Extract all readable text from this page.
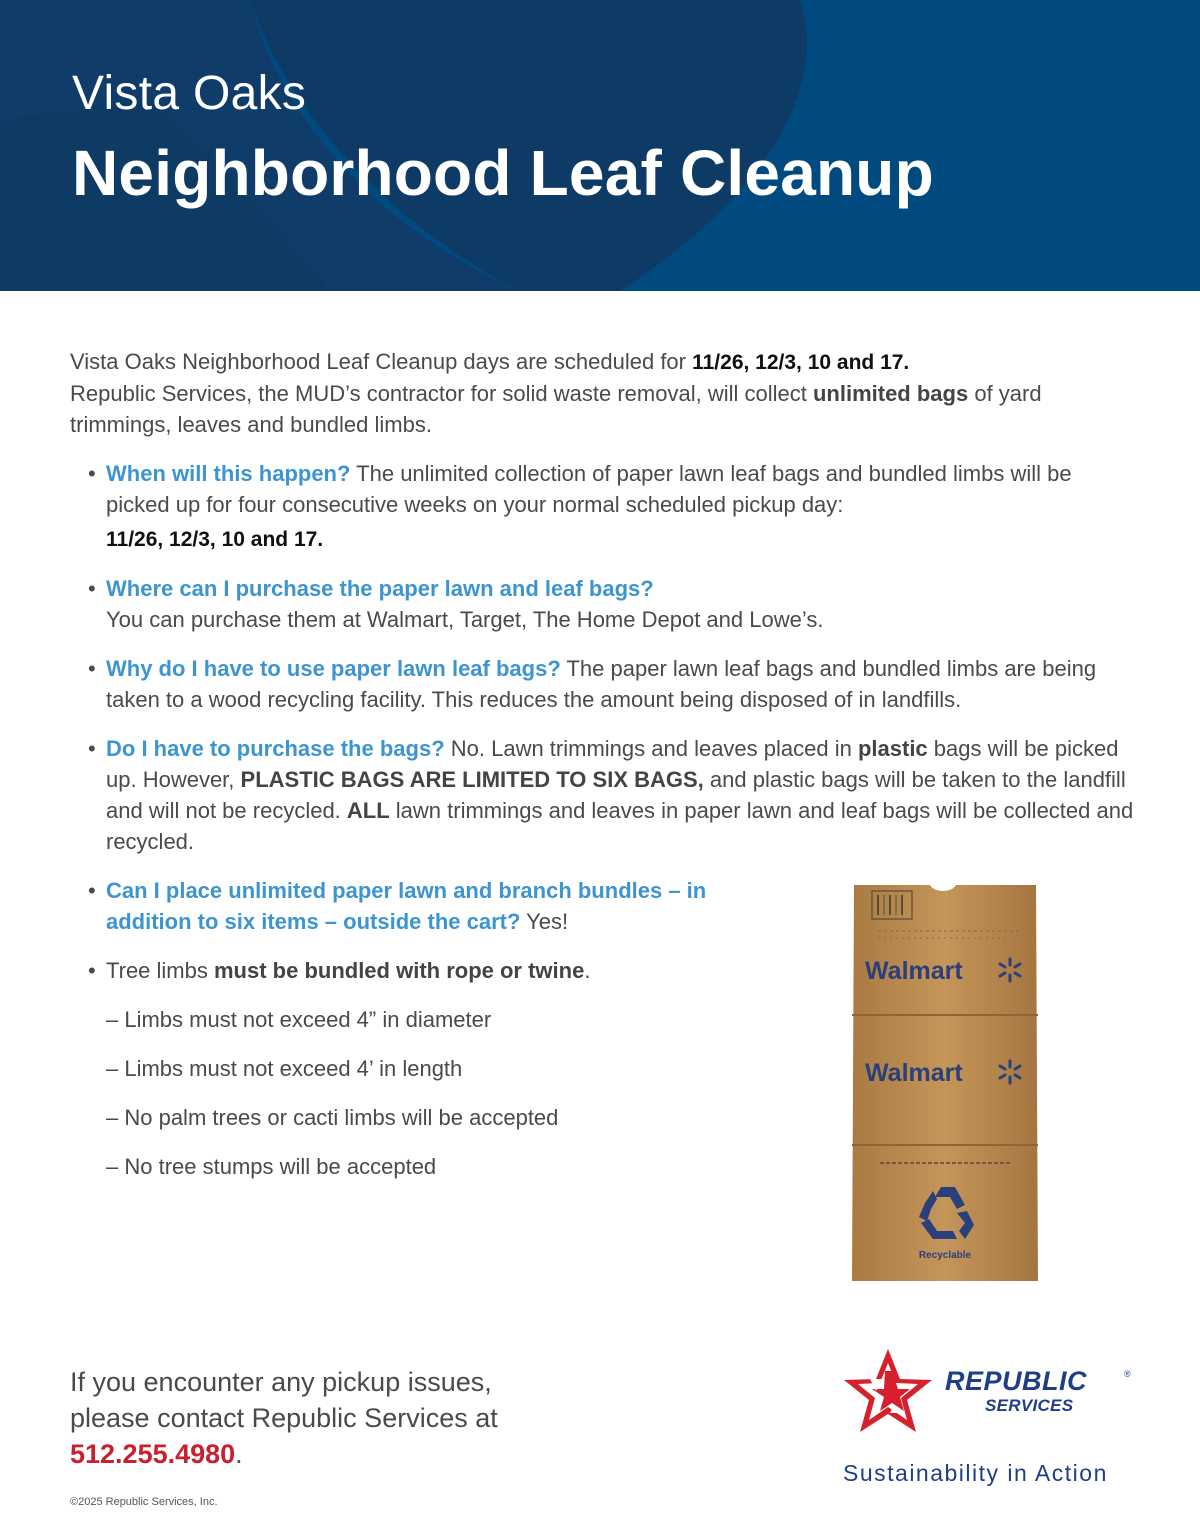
Vista Oaks
Neighborhood Leaf Cleanup

Vista Oaks Neighborhood Leaf Cleanup days are scheduled for 11/26, 12/3, 10 and 17.
Republic Services, the MUD’s contractor for solid waste removal, will collect unlimited bags of yard trimmings, leaves and bundled limbs.

• When will this happen? The unlimited collection of paper lawn leaf bags and bundled limbs will be picked up for four consecutive weeks on your normal scheduled pickup day:
11/26, 12/3, 10 and 17.
• Where can I purchase the paper lawn and leaf bags?
You can purchase them at Walmart, Target, The Home Depot and Lowe’s.
• Why do I have to use paper lawn leaf bags? The paper lawn leaf bags and bundled limbs are being taken to a wood recycling facility. This reduces the amount being disposed of in landfills.
• Do I have to purchase the bags? No. Lawn trimmings and leaves placed in plastic bags will be picked up. However, PLASTIC BAGS ARE LIMITED TO SIX BAGS, and plastic bags will be taken to the landfill and will not be recycled. ALL lawn trimmings and leaves in paper lawn and leaf bags will be collected and recycled.
• Can I place unlimited paper lawn and branch bundles – in addition to six items – outside the cart? Yes!
• Tree limbs must be bundled with rope or twine.
– Limbs must not exceed 4” in diameter
– Limbs must not exceed 4’ in length
– No palm trees or cacti limbs will be accepted
– No tree stumps will be accepted
Walmart
Walmart
Recyclable
If you encounter any pickup issues,
please contact Republic Services at
512.255.4980.
©2025 Republic Services, Inc.
REPUBLIC	®
SERVICES
Sustainability in Action
